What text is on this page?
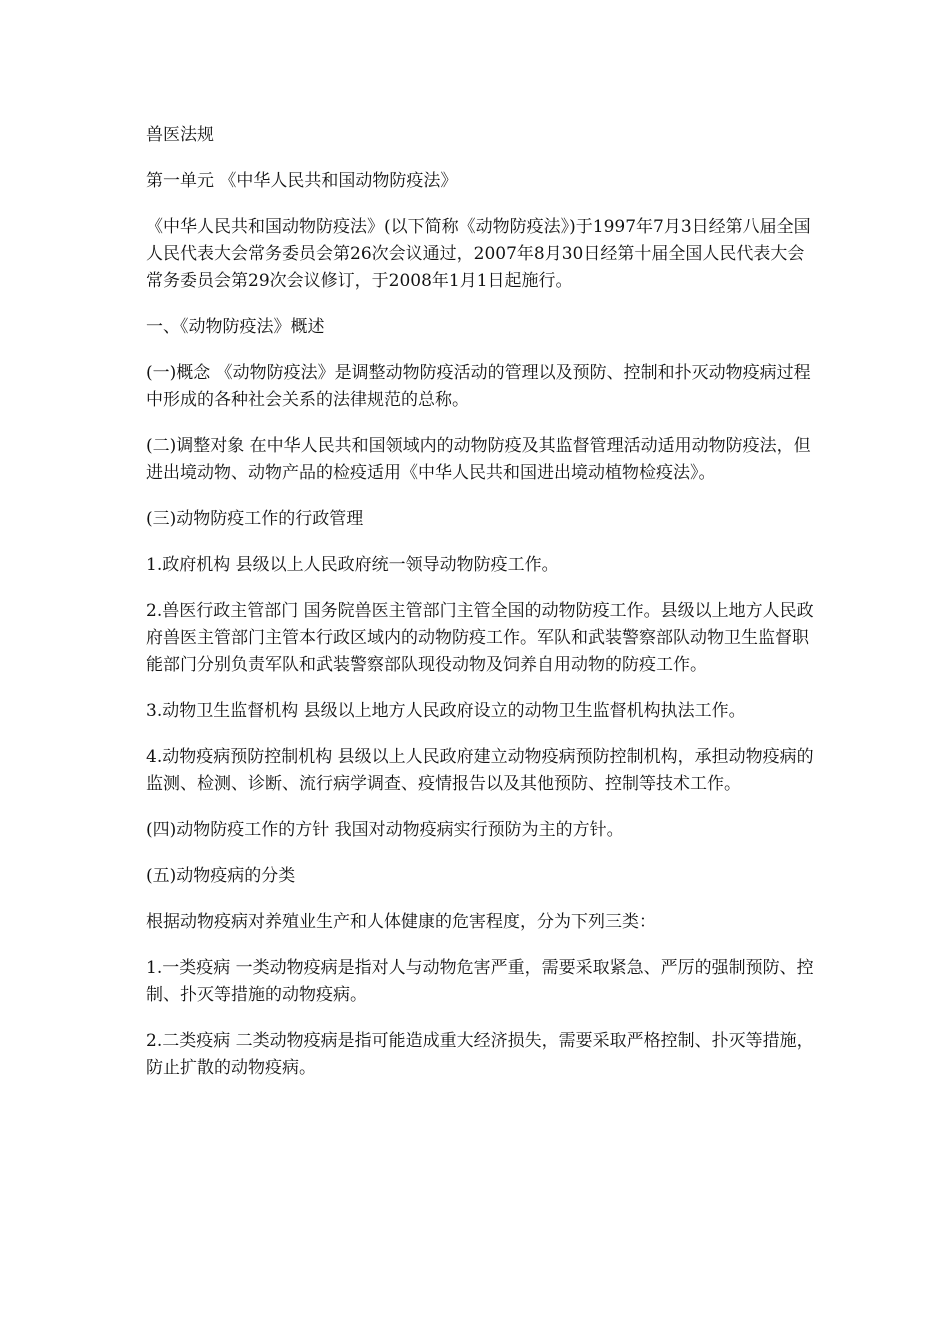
兽医法规

第一单元 《中华人民共和国动物防疫法》

《中华人民共和国动物防疫法》(以下简称《动物防疫法》)于1997年7月3日经第八届全国人民代表大会常务委员会第26次会议通过，2007年8月30日经第十届全国人民代表大会常务委员会第29次会议修订，于2008年1月1日起施行。

一、《动物防疫法》概述

(一)概念 《动物防疫法》是调整动物防疫活动的管理以及预防、控制和扑灭动物疫病过程中形成的各种社会关系的法律规范的总称。

(二)调整对象 在中华人民共和国领域内的动物防疫及其监督管理活动适用动物防疫法，但进出境动物、动物产品的检疫适用《中华人民共和国进出境动植物检疫法》。

(三)动物防疫工作的行政管理

1.政府机构 县级以上人民政府统一领导动物防疫工作。

2.兽医行政主管部门 国务院兽医主管部门主管全国的动物防疫工作。县级以上地方人民政府兽医主管部门主管本行政区域内的动物防疫工作。军队和武装警察部队动物卫生监督职能部门分别负责军队和武装警察部队现役动物及饲养自用动物的防疫工作。

3.动物卫生监督机构 县级以上地方人民政府设立的动物卫生监督机构执法工作。

4.动物疫病预防控制机构 县级以上人民政府建立动物疫病预防控制机构，承担动物疫病的监测、检测、诊断、流行病学调查、疫情报告以及其他预防、控制等技术工作。

(四)动物防疫工作的方针 我国对动物疫病实行预防为主的方针。

(五)动物疫病的分类

根据动物疫病对养殖业生产和人体健康的危害程度，分为下列三类：

1.一类疫病 一类动物疫病是指对人与动物危害严重，需要采取紧急、严厉的强制预防、控制、扑灭等措施的动物疫病。

2.二类疫病 二类动物疫病是指可能造成重大经济损失，需要采取严格控制、扑灭等措施，防止扩散的动物疫病。
